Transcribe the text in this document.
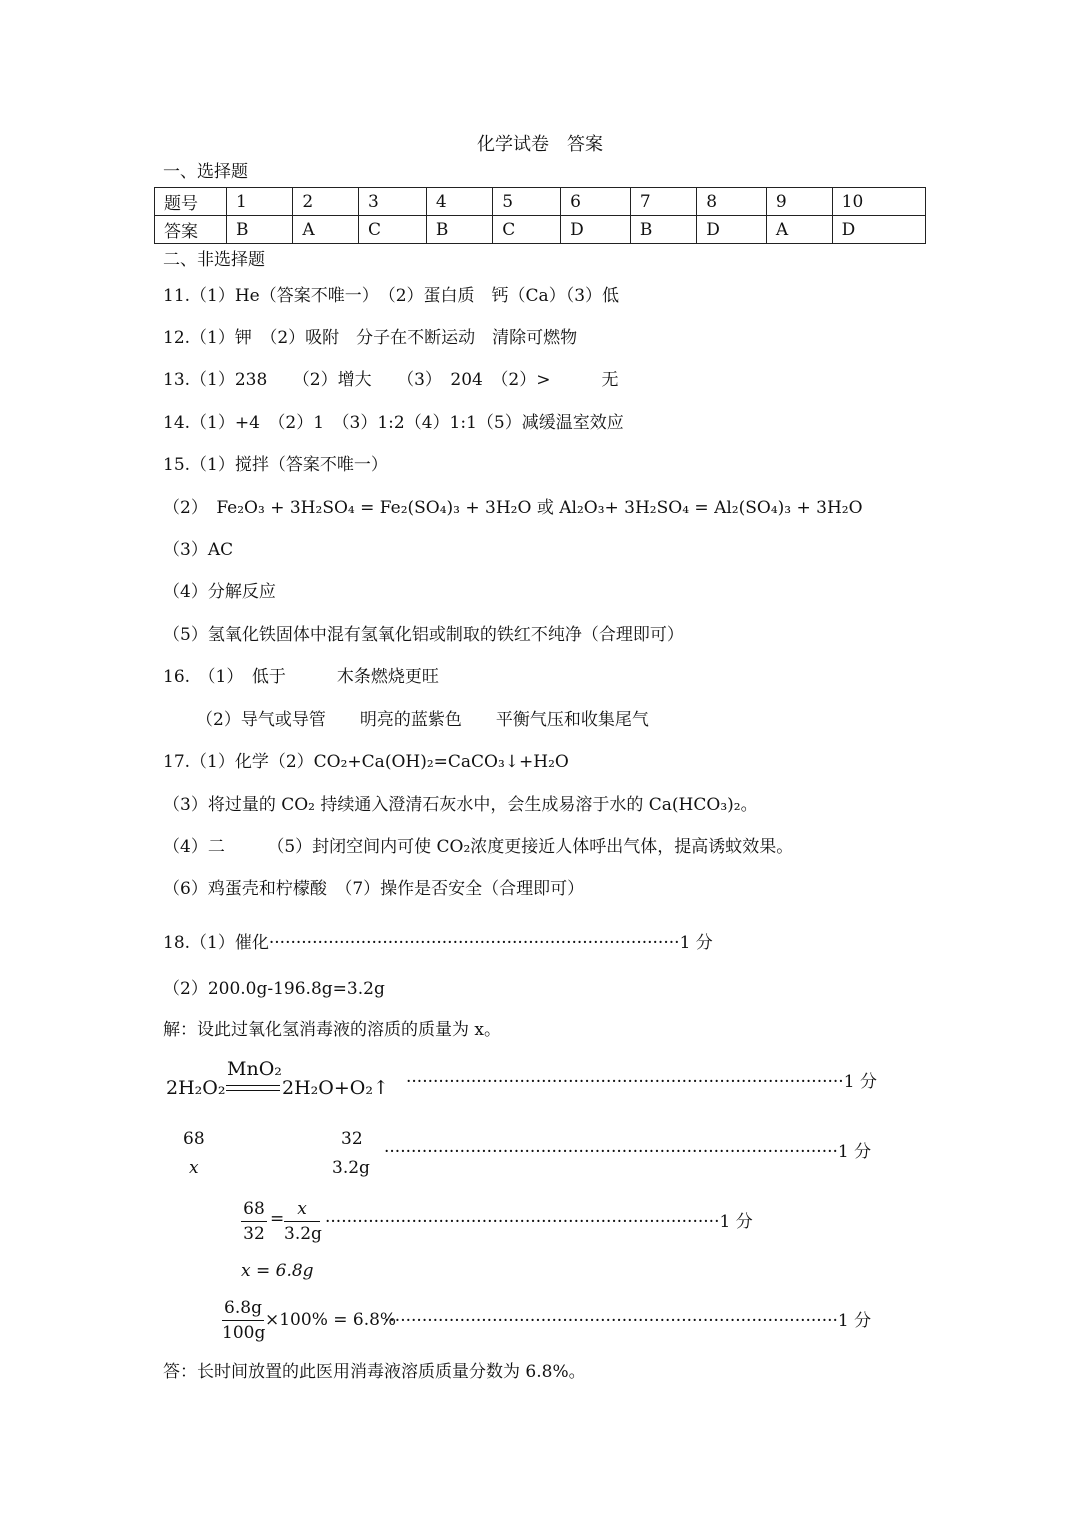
化学试卷　答案
一、选择题
题号	1	2	3	4	5	6	7	8	9	10
答案	B	A	C	B	C	D	B	D	A	D
二、非选择题
11.（1）He（答案不唯一）　（2）蛋白质　钙（Ca）（3）低
12.（1）钾　（2）吸附　分子在不断运动　清除可燃物
13.（1）238　　（2）增大　　（3）　204　（2）>　　　无
14.（1）+4　（2）1　（3）1:2（4）1:1（5）减缓温室效应
15.（1）搅拌（答案不唯一）
（2）　Fe₂O₃ + 3H₂SO₄ = Fe₂(SO₄)₃ + 3H₂O 或 Al₂O₃+ 3H₂SO₄ = Al₂(SO₄)₃ + 3H₂O
（3）AC
（4）分解反应
（5）氢氧化铁固体中混有氢氧化铝或制取的铁红不纯净（合理即可）
16.　（1）　低于　　　木条燃烧更旺
（2）导气或导管　　明亮的蓝紫色　　平衡气压和收集尾气
17.（1）化学（2）CO₂+Ca(OH)₂=CaCO₃↓+H₂O
（3）将过量的 CO₂ 持续通入澄清石灰水中，会生成易溶于水的 Ca(HCO₃)₂。
（4）二　　　（5）封闭空间内可使 CO₂浓度更接近人体呼出气体，提高诱蚊效果。
（6）鸡蛋壳和柠檬酸　（7）操作是否安全（合理即可）
18.（1）催化············································································1 分
（2）200.0g-196.8g=3.2g
解：设此过氧化氢消毒液的溶质的质量为 x。
2H₂O₂
MnO₂
2H₂O+O₂↑ ·················································································1 分
68
x
32
3.2g
····················································································1 分
$\frac{68}{32} = \frac{x}{3.2g} \cdot\cdot\cdot\cdot\cdot\cdot\cdot\cdot\cdot\cdot\cdot\cdot\cdot\cdot\cdot\cdot\cdot\cdot\cdot\cdot\cdot\cdot\cdot\cdot\cdot\cdot\cdot\cdot\cdot\cdot\cdot\cdot\cdot\cdot\cdot\cdot\cdot\cdot\cdot\cdot\cdot\cdot\cdot\cdot\cdot\cdot\cdot\cdot\cdot\cdot\cdot\cdot\cdot\cdot\cdot\cdot\cdot\cdot\cdot\cdot\cdot\cdot\cdot\cdot\cdot\cdot\cdot\cdot\cdot\cdot\cdot\cdot\cdot 1$ 分
x = 6.8g
$\frac{6.8g}{100g} \times 100\% = 6.8\%$
····················································································1 分
答：长时间放置的此医用消毒液溶质质量分数为 6.8%。
